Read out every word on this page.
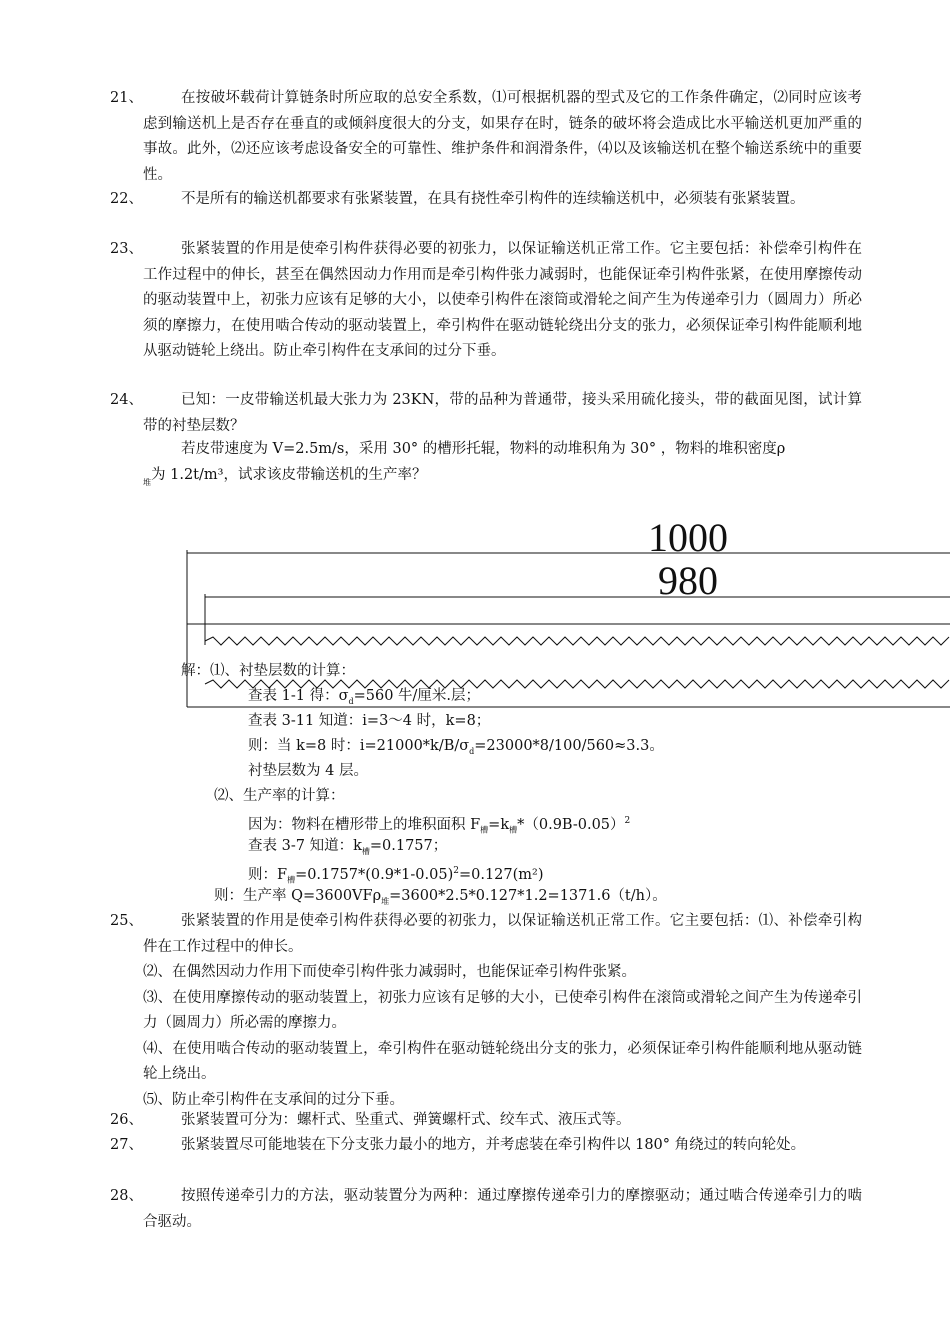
21、	在按破坏载荷计算链条时所应取的总安全系数，⑴可根据机器的型式及它的工作条件确定，⑵同时应该考虑到输送机上是否存在垂直的或倾斜度很大的分支，如果存在时，链条的破坏将会造成比水平输送机更加严重的事故。此外，⑵还应该考虑设备安全的可靠性、维护条件和润滑条件，⑷以及该输送机在整个输送系统中的重要性。
22、	不是所有的输送机都要求有张紧装置，在具有挠性牵引构件的连续输送机中，必须装有张紧装置。
23、	张紧装置的作用是使牵引构件获得必要的初张力，以保证输送机正常工作。它主要包括：补偿牵引构件在工作过程中的伸长，甚至在偶然因动力作用而是牵引构件张力减弱时，也能保证牵引构件张紧，在使用摩擦传动的驱动装置中上，初张力应该有足够的大小，以使牵引构件在滚筒或滑轮之间产生为传递牵引力（圆周力）所必须的摩擦力，在使用啮合传动的驱动装置上，牵引构件在驱动链轮绕出分支的张力，必须保证牵引构件能顺利地从驱动链轮上绕出。防止牵引构件在支承间的过分下垂。
24、	已知：一皮带输送机最大张力为 23KN，带的品种为普通带，接头采用硫化接头，带的截面见图，试计算带的衬垫层数？
若皮带速度为 V=2.5m/s，采用 30° 的槽形托辊，物料的动堆积角为 30° ，物料的堆积密度ρ
$_堆$为 1.2t/m³，试求该皮带输送机的生产率？
1000
980
解：⑴、衬垫层数的计算：
查表 1-1 得：$\sigma_d=560$ 牛/厘米.层；
查表 3-11 知道：i=3～4 时，k=8；
则：当 k=8 时：$i=21000*k/B/\sigma_d=23000*8/100/560\approx 3.3$。
衬垫层数为 4 层。
⑵、生产率的计算：
因为：物料在槽形带上的堆积面积 $F_槽=k_槽*(0.9B-0.05)^2$
查表 3-7 知道：$k_槽=0.1757$；
则：$F_槽=0.1757*(0.9*1-0.05)^2=0.127(m^2)$
则：生产率 Q=3600VFρ$_堆$=3600*2.5*0.127*1.2=1371.6（t/h）。
25、	张紧装置的作用是使牵引构件获得必要的初张力，以保证输送机正常工作。它主要包括：⑴、补偿牵引构件在工作过程中的伸长。
⑵、在偶然因动力作用下而使牵引构件张力减弱时，也能保证牵引构件张紧。
⑶、在使用摩擦传动的驱动装置上，初张力应该有足够的大小，已使牵引构件在滚筒或滑轮之间产生为传递牵引力（圆周力）所必需的摩擦力。
⑷、在使用啮合传动的驱动装置上，牵引构件在驱动链轮绕出分支的张力，必须保证牵引构件能顺利地从驱动链轮上绕出。
⑸、防止牵引构件在支承间的过分下垂。
26、	张紧装置可分为：螺杆式、坠重式、弹簧螺杆式、绞车式、液压式等。
27、	张紧装置尽可能地装在下分支张力最小的地方，并考虑装在牵引构件以 180° 角绕过的转向轮处。
28、	按照传递牵引力的方法，驱动装置分为两种：通过摩擦传递牵引力的摩擦驱动；通过啮合传递牵引力的啮合驱动。
